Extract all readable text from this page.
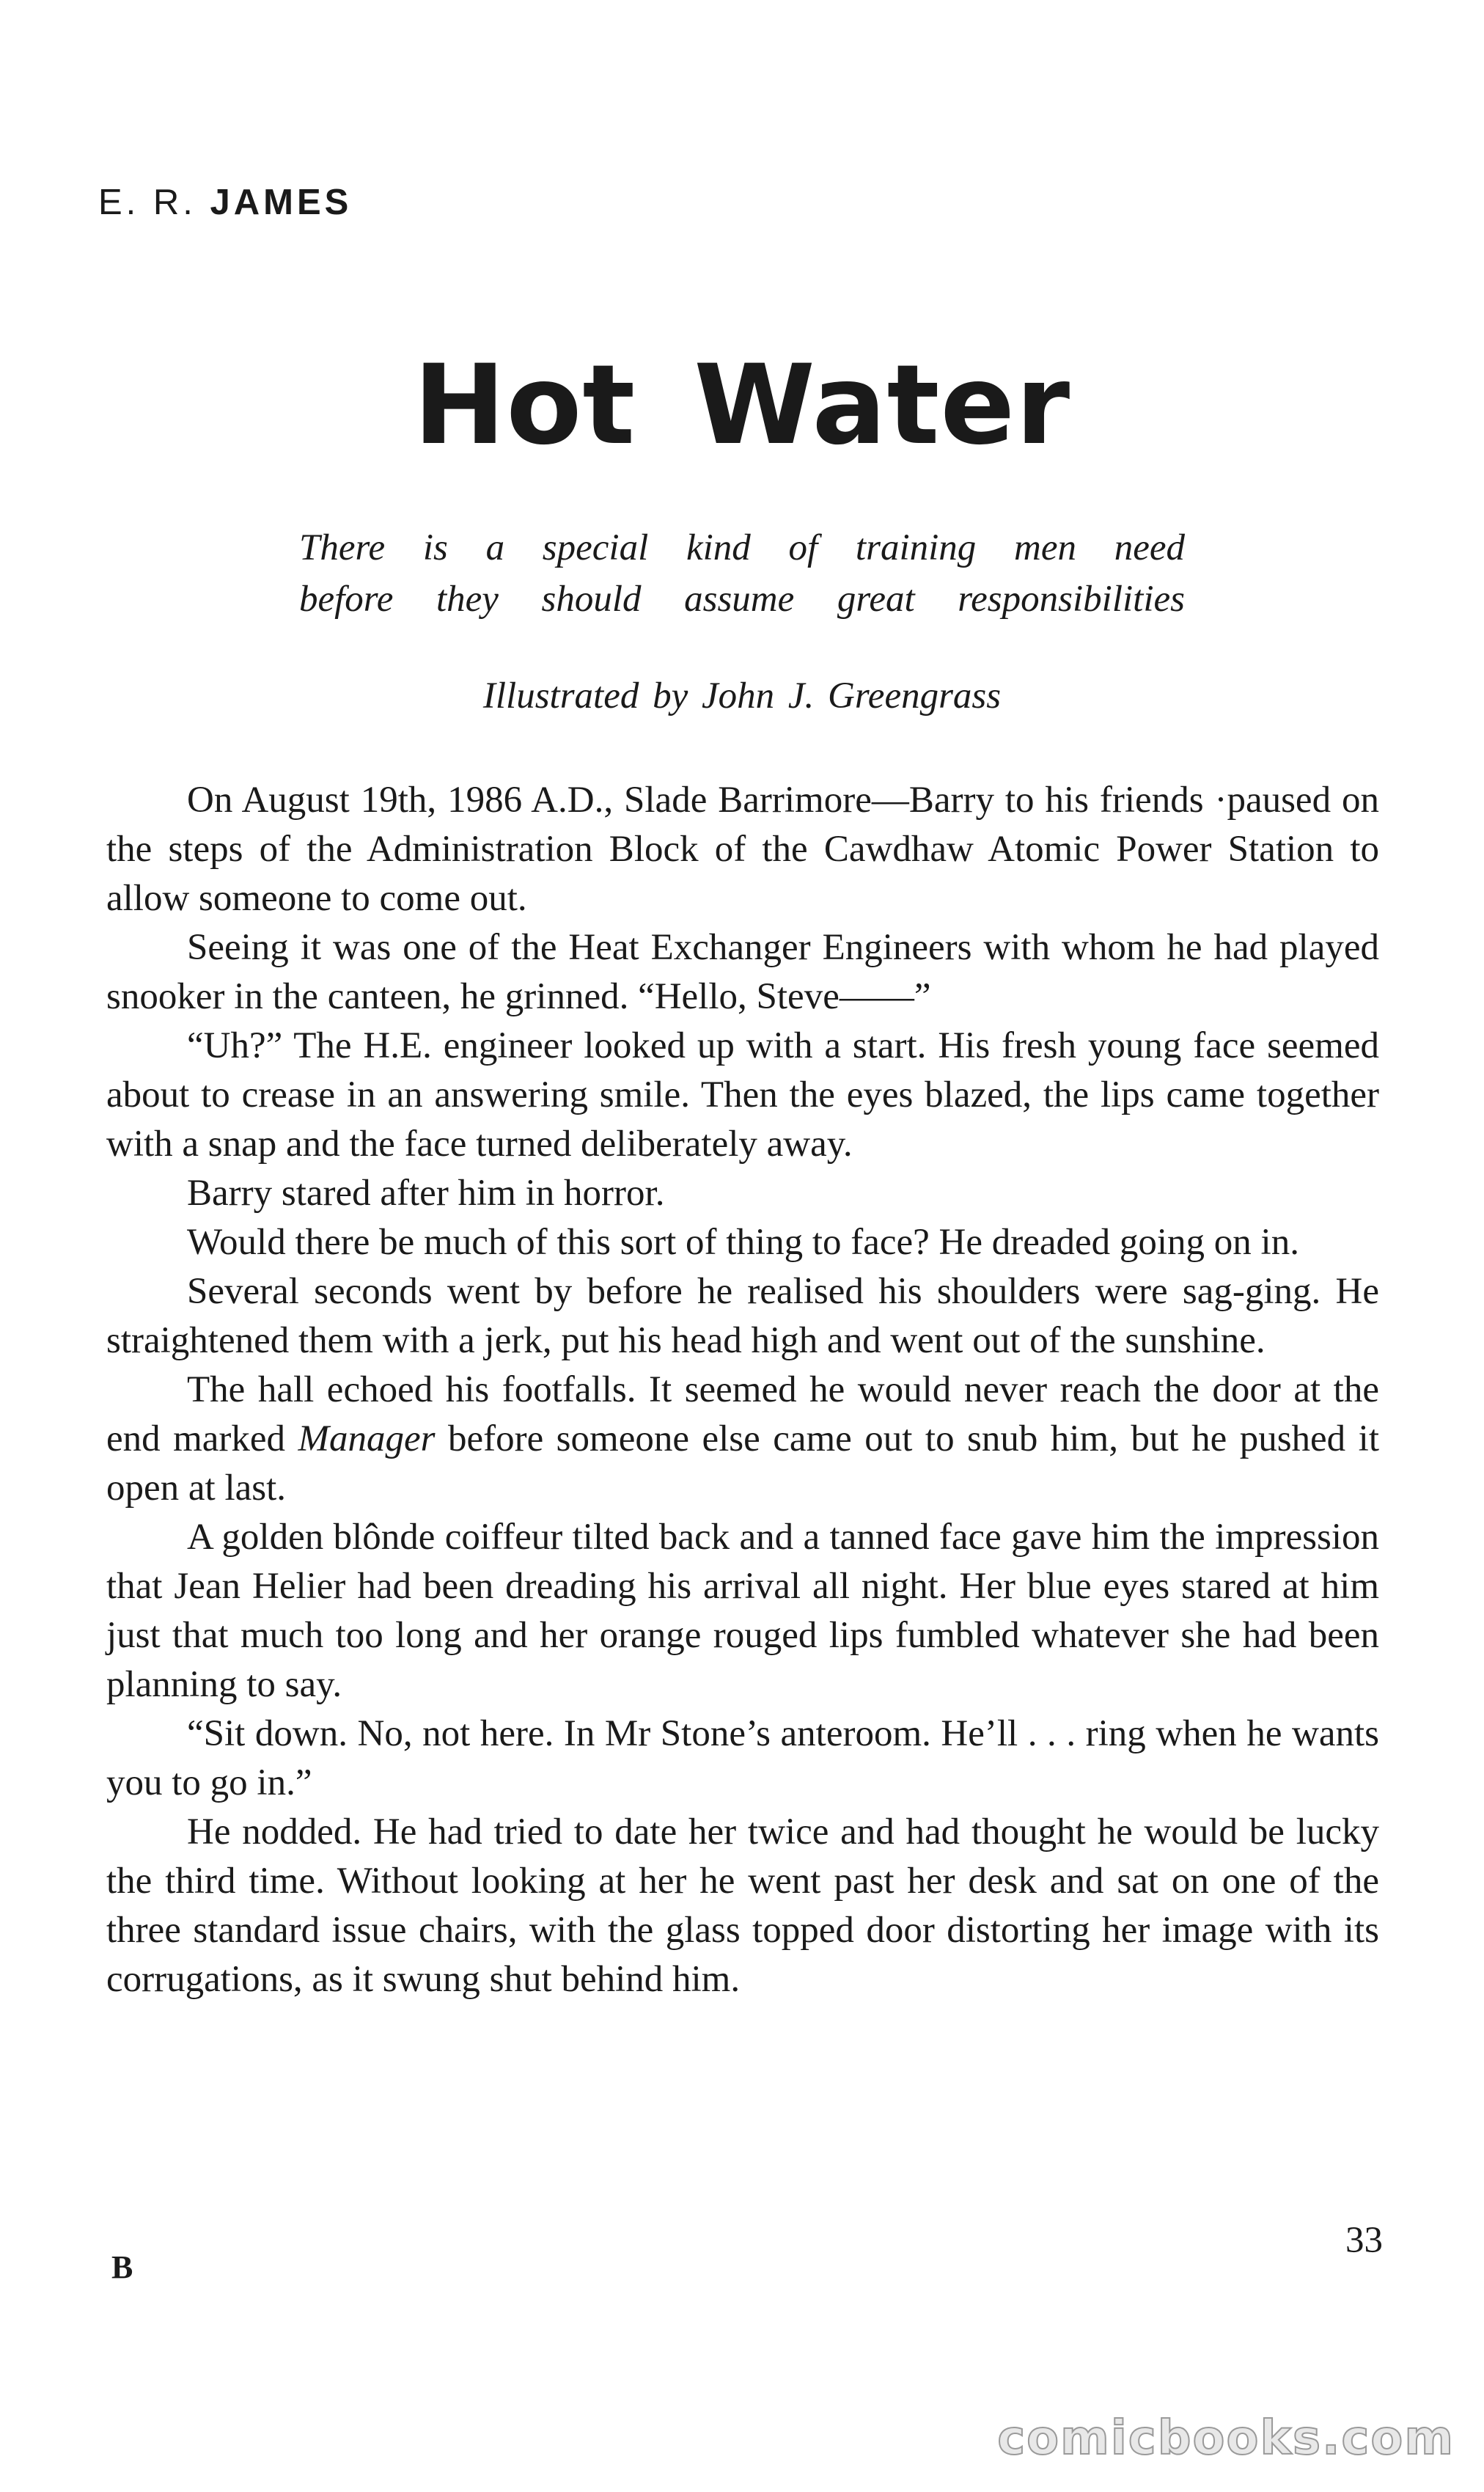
E. R. JAMES
Hot Water
There is a special kind of training men need
before they should assume great responsibilities
Illustrated by John J. Greengrass

On August 19th, 1986 A.D., Slade Barrimore—Barry to his friends ·paused on the steps of the Administration Block of the Cawdhaw Atomic Power Station to allow someone to come out.

Seeing it was one of the Heat Exchanger Engineers with whom he had played snooker in the canteen, he grinned. “Hello, Steve——”

“Uh?” The H.E. engineer looked up with a start. His fresh young face seemed about to crease in an answering smile. Then the eyes blazed, the lips came together with a snap and the face turned deliberately away.

Barry stared after him in horror.

Would there be much of this sort of thing to face? He dreaded going on in.

Several seconds went by before he realised his shoulders were sag-ging. He straightened them with a jerk, put his head high and went out of the sunshine.

The hall echoed his footfalls. It seemed he would never reach the door at the end marked Manager before someone else came out to snub him, but he pushed it open at last.

A golden blônde coiffeur tilted back and a tanned face gave him the impression that Jean Helier had been dreading his arrival all night. Her blue eyes stared at him just that much too long and her orange rouged lips fumbled whatever she had been planning to say.

“Sit down. No, not here. In Mr Stone’s anteroom. He’ll . . . ring when he wants you to go in.”

He nodded. He had tried to date her twice and had thought he would be lucky the third time. Without looking at her he went past her desk and sat on one of the three standard issue chairs, with the glass topped door distorting her image with its corrugations, as it swung shut behind him.

B
33
comicbooks.com
